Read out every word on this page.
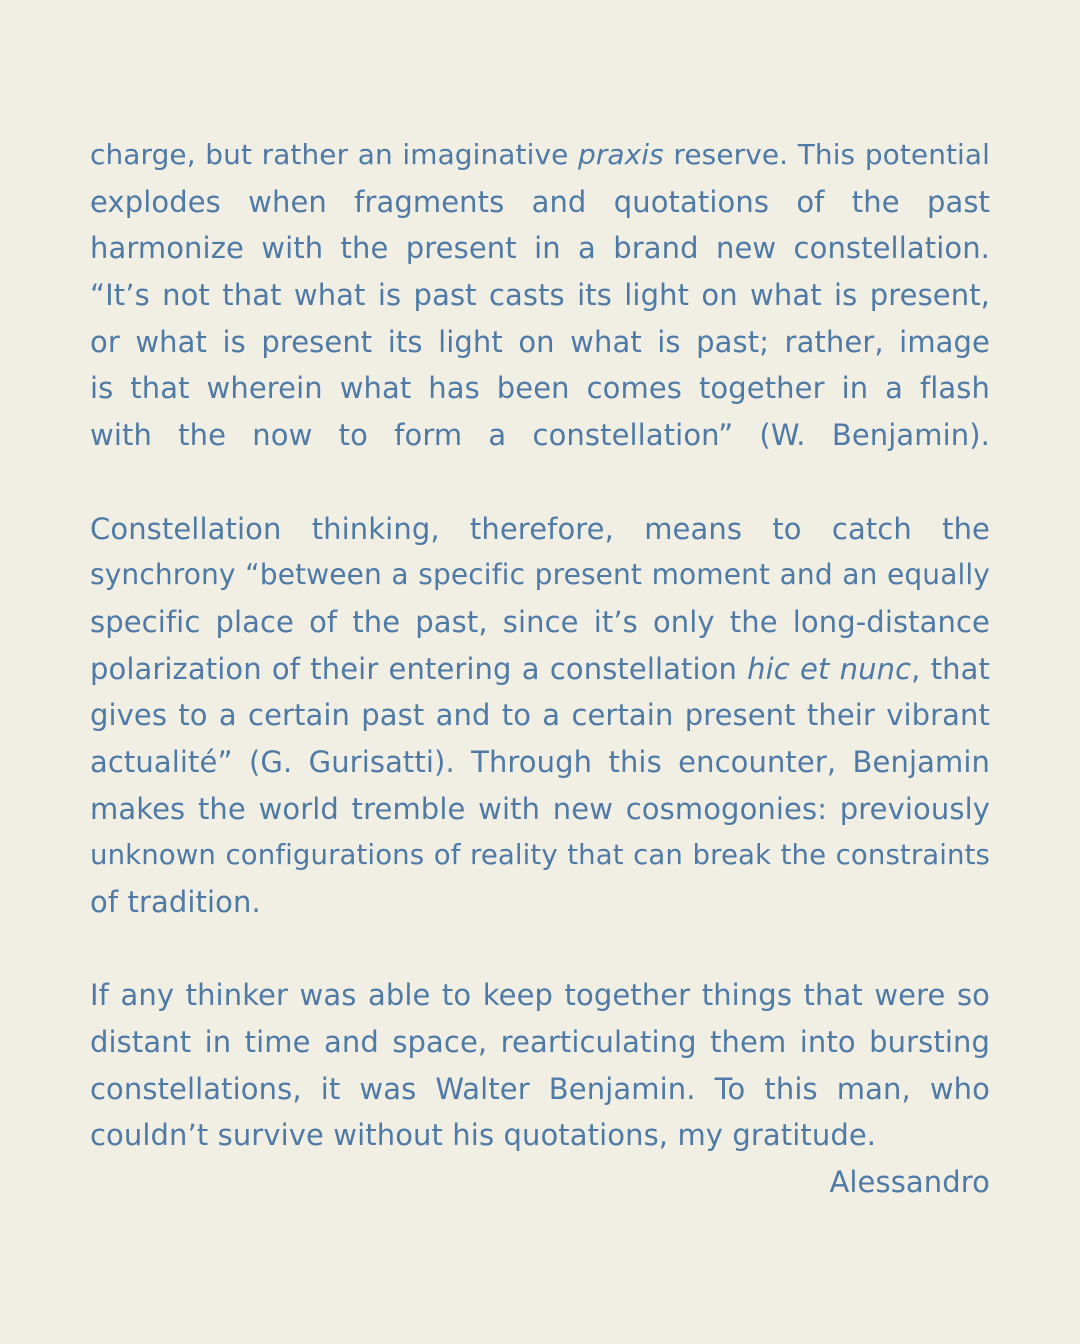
charge, but rather an imaginative praxis reserve. This potential
explodes when fragments and quotations of the past
harmonize with the present in a brand new constellation.
“It’s not that what is past casts its light on what is present,
or what is present its light on what is past; rather, image
is that wherein what has been comes together in a flash
with the now to form a constellation” (W. Benjamin).
Constellation thinking, therefore, means to catch the
synchrony “between a specific present moment and an equally
specific place of the past, since it’s only the long-distance
polarization of their entering a constellation hic et nunc, that
gives to a certain past and to a certain present their vibrant
actualité” (G. Gurisatti). Through this encounter, Benjamin
makes the world tremble with new cosmogonies: previously
unknown configurations of reality that can break the constraints
of tradition.
If any thinker was able to keep together things that were so
distant in time and space, rearticulating them into bursting
constellations, it was Walter Benjamin. To this man, who
couldn’t survive without his quotations, my gratitude.
Alessandro
